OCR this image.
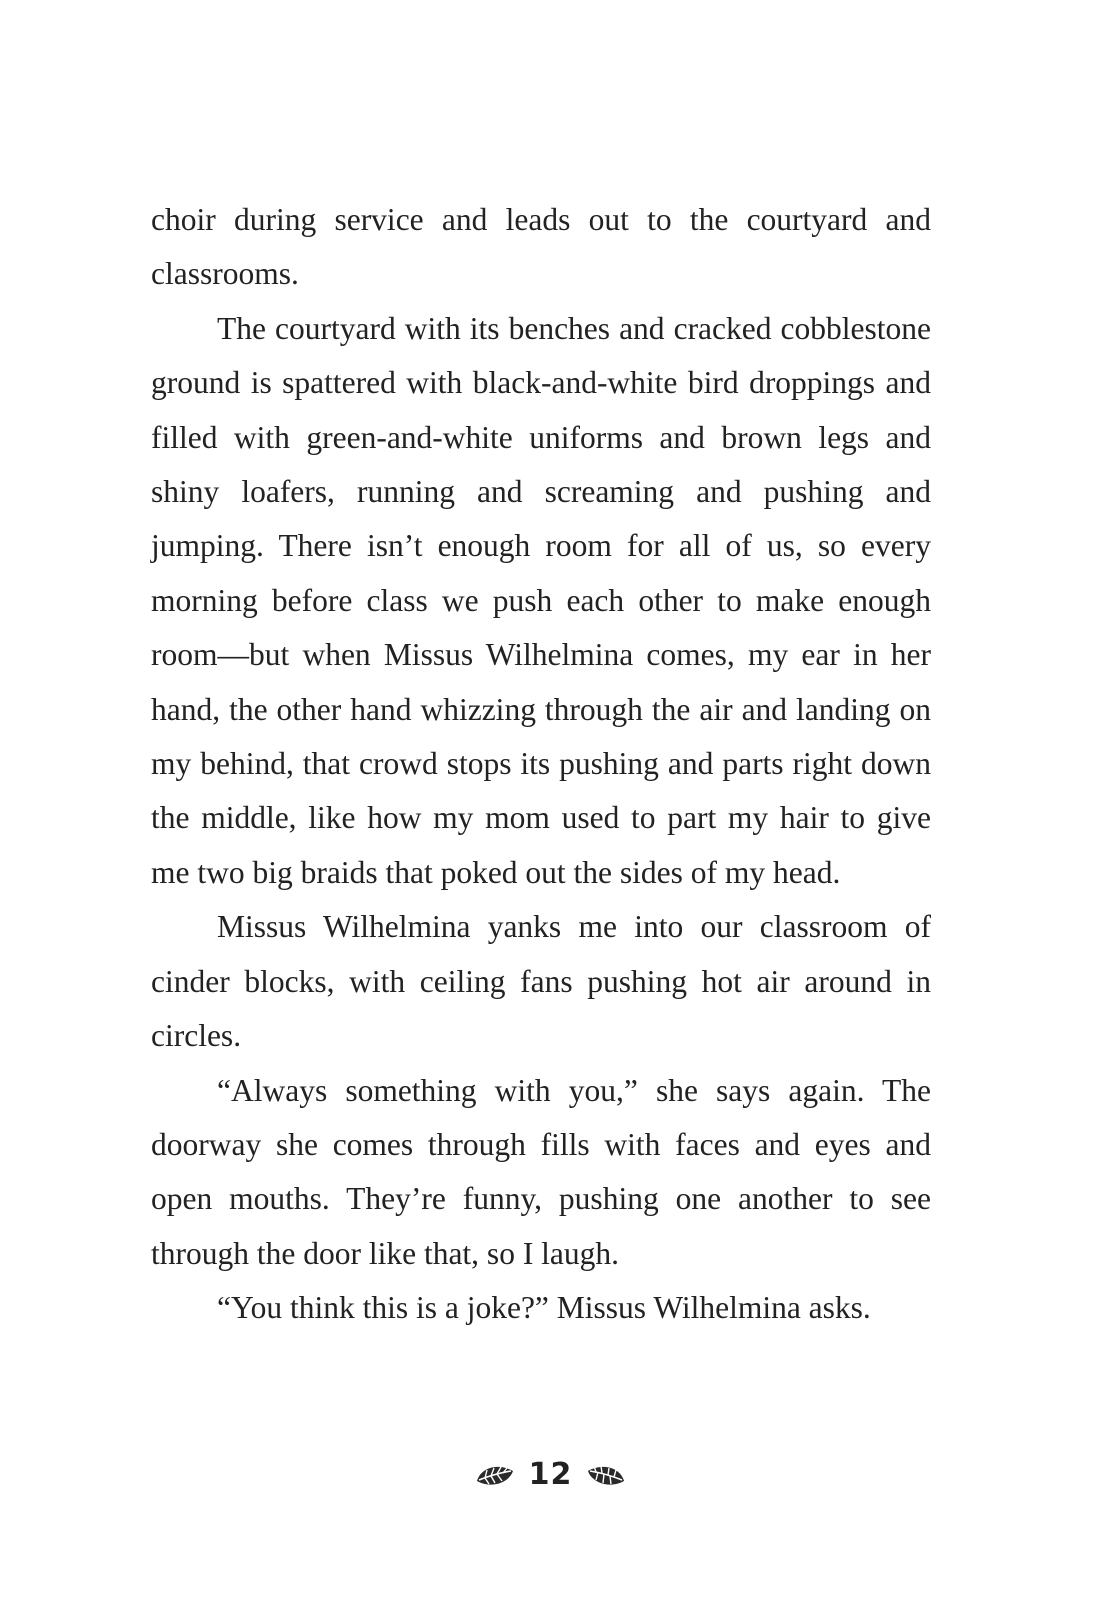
choir during service and leads out to the courtyard and classrooms.

The courtyard with its benches and cracked cobblestone ground is spattered with black-and-white bird droppings and filled with green-and-white uniforms and brown legs and shiny loafers, running and screaming and pushing and jumping. There isn’t enough room for all of us, so every morning before class we push each other to make enough room—but when Missus Wilhelmina comes, my ear in her hand, the other hand whizzing through the air and landing on my behind, that crowd stops its pushing and parts right down the middle, like how my mom used to part my hair to give me two big braids that poked out the sides of my head.

Missus Wilhelmina yanks me into our classroom of cinder blocks, with ceiling fans pushing hot air around in circles.

“Always something with you,” she says again. The doorway she comes through fills with faces and eyes and open mouths. They’re funny, pushing one another to see through the door like that, so I laugh.

“You think this is a joke?” Missus Wilhelmina asks.

12
